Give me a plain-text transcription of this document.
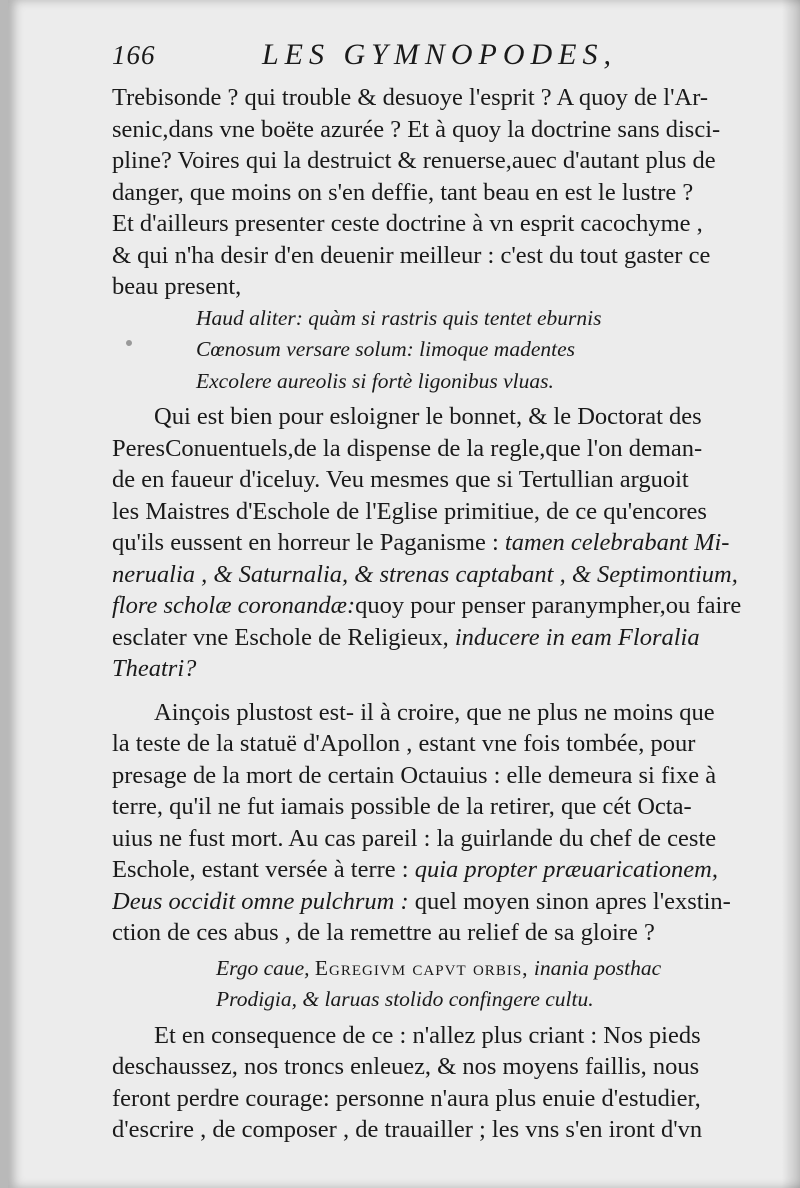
166	LES GYMNOPODES,
Trebisonde ? qui trouble & desuoye l'esprit ? A quoy de l'Ar-
senic,dans vne boëte azurée ? Et à quoy la doctrine sans disci-
pline? Voires qui la destruict & renuerse,auec d'autant plus de
danger, que moins on s'en deffie, tant beau en est le lustre ?
Et d'ailleurs presenter ceste doctrine à vn esprit cacochyme ,
& qui n'ha desir d'en deuenir meilleur : c'est du tout gaster ce
beau present,
Haud aliter: quàm si rastris quis tentet eburnis
Cœnosum versare solum: limoque madentes
Excolere aureolis si fortè ligonibus vluas.
Qui est bien pour esloigner le bonnet, & le Doctorat des
PeresConuentuels,de la dispense de la regle,que l'on deman-
de en faueur d'iceluy. Veu mesmes que si Tertullian arguoit
les Maistres d'Eschole de l'Eglise primitiue, de ce qu'encores
qu'ils eussent en horreur le Paganisme : tamen celebrabant Mi-
nerualia , & Saturnalia, & strenas captabant , & Septimontium,
flore scholæ coronandæ:quoy pour penser paranympher,ou faire
esclater vne Eschole de Religieux, inducere in eam Floralia
Theatri?
Ainçois plustost est- il à croire, que ne plus ne moins que
la teste de la statuë d'Apollon , estant vne fois tombée, pour
presage de la mort de certain Octauius : elle demeura si fixe à
terre, qu'il ne fut iamais possible de la retirer, que cét Octa-
uius ne fust mort. Au cas pareil : la guirlande du chef de ceste
Eschole, estant versée à terre : quia propter præuaricationem,
Deus occidit omne pulchrum : quel moyen sinon apres l'exstin-
ction de ces abus , de la remettre au relief de sa gloire ?
Ergo caue, Egregivm capvt orbis, inania posthac
Prodigia, & laruas stolido confingere cultu.
Et en consequence de ce : n'allez plus criant : Nos pieds
deschaussez, nos troncs enleuez, & nos moyens faillis, nous
feront perdre courage: personne n'aura plus enuie d'estudier,
d'escrire , de composer , de trauailler ; les vns s'en iront d'vn
